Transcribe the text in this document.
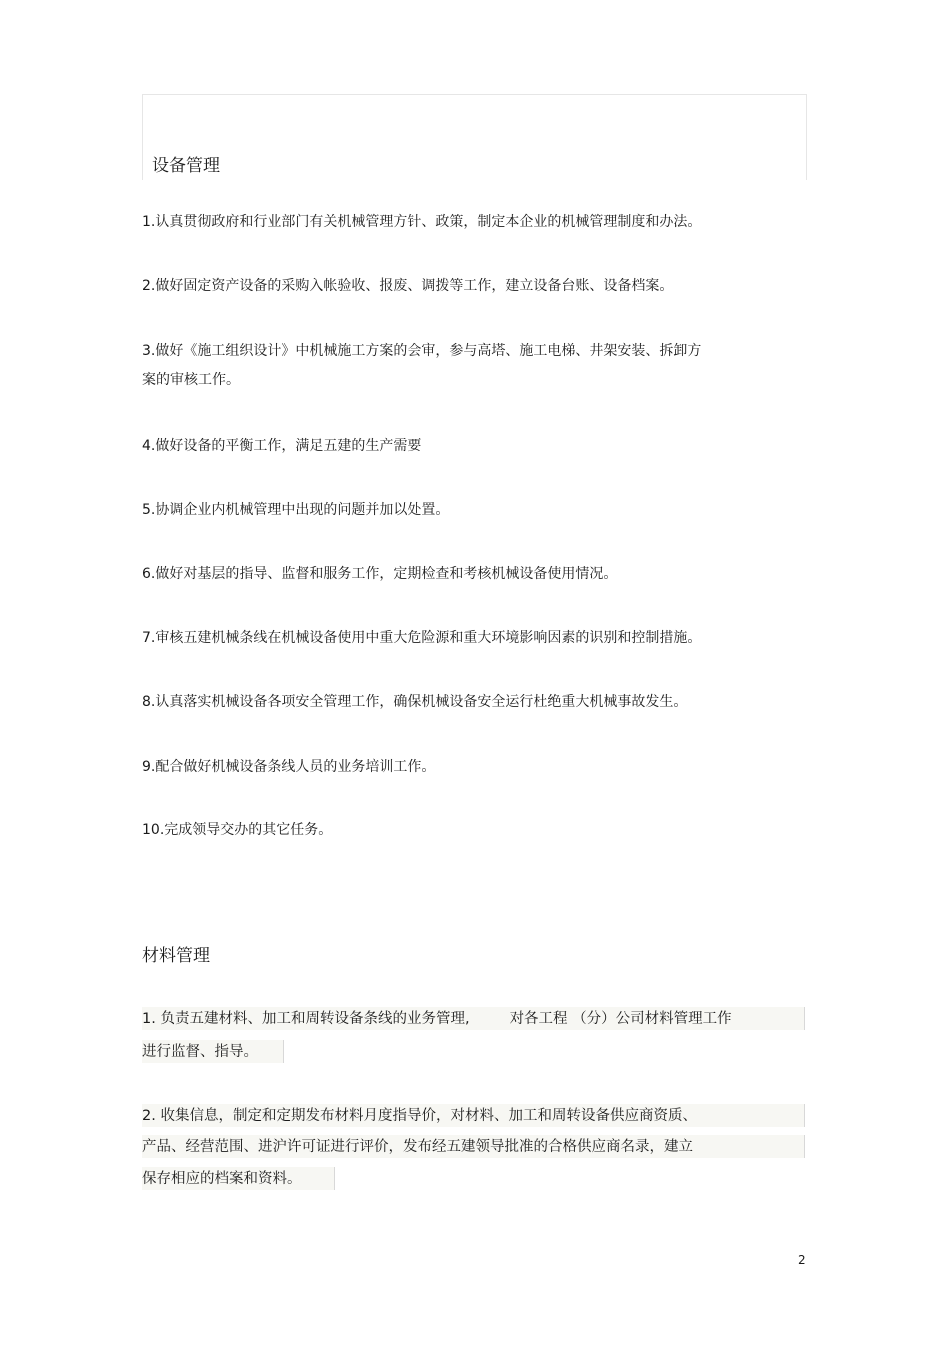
设备管理
1.认真贯彻政府和行业部门有关机械管理方针、政策，制定本企业的机械管理制度和办法。
2.做好固定资产设备的采购入帐验收、报废、调拨等工作，建立设备台账、设备档案。
3.做好《施工组织设计》中机械施工方案的会审，参与高塔、施工电梯、井架安装、拆卸方
案的审核工作。
4.做好设备的平衡工作，满足五建的生产需要
5.协调企业内机械管理中出现的问题并加以处置。
6.做好对基层的指导、监督和服务工作，定期检查和考核机械设备使用情况。
7.审核五建机械条线在机械设备使用中重大危险源和重大环境影响因素的识别和控制措施。
8.认真落实机械设备各项安全管理工作，确保机械设备安全运行杜绝重大机械事故发生。
9.配合做好机械设备条线人员的业务培训工作。
10.完成领导交办的其它任务。
材料管理
1. 负责五建材料、加工和周转设备条线的业务管理,	对各工程 （分）公司材料管理工作
进行监督、指导。
2. 收集信息，制定和定期发布材料月度指导价，对材料、加工和周转设备供应商资质、
产品、经营范围、进沪许可证进行评价，发布经五建领导批准的合格供应商名录，建立
保存相应的档案和资料。
2
